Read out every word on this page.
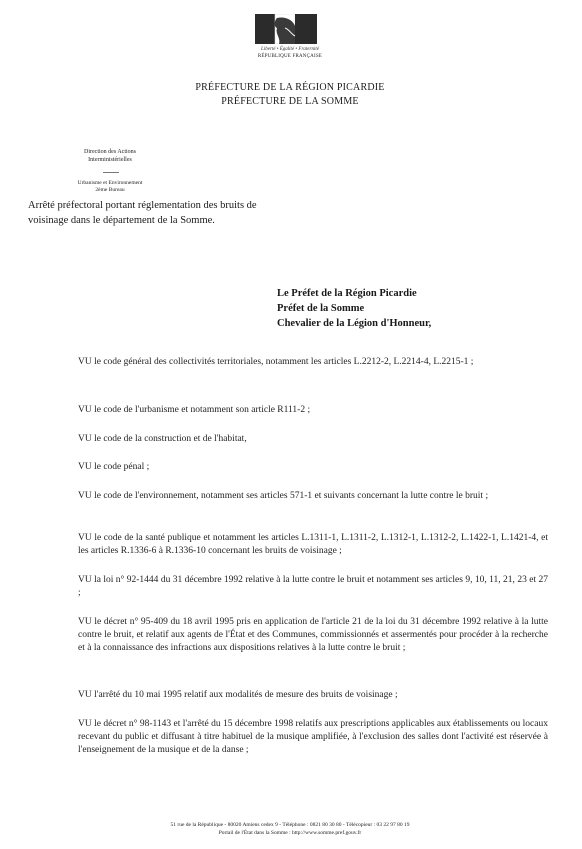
Liberté • Égalité • Fraternité
RÉPUBLIQUE FRANÇAISE
PRÉFECTURE DE LA RÉGION PICARDIE
PRÉFECTURE DE LA SOMME
Direction des Actions
Interministérielles
Urbanisme et Environnement
2ème Bureau
Arrêté préfectoral portant réglementation des bruits de voisinage dans le département de la Somme.
Le Préfet de la Région Picardie
Préfet de la Somme
Chevalier de la Légion d'Honneur,
VU le code général des collectivités territoriales, notamment les articles L.2212-2, L.2214-4, L.2215-1 ;
VU le code de l'urbanisme et notamment son article R111-2 ;
VU le code de la construction et de l'habitat,
VU le code pénal ;
VU le code de l'environnement, notamment ses articles 571-1 et suivants concernant la lutte contre le bruit ;
VU le code de la santé publique et notamment les articles L.1311-1, L.1311-2, L.1312-1, L.1312-2, L.1422-1, L.1421-4, et les articles R.1336-6 à R.1336-10 concernant les bruits de voisinage ;
VU la loi n° 92-1444 du 31 décembre 1992 relative à la lutte contre le bruit et notamment ses articles 9, 10, 11, 21, 23 et 27 ;
VU le décret n° 95-409 du 18 avril 1995 pris en application de l'article 21 de la loi du 31 décembre 1992 relative à la lutte contre le bruit, et relatif aux agents de l'État et des Communes, commissionnés et assermentés pour procéder à la recherche et à la connaissance des infractions aux dispositions relatives à la lutte contre le bruit ;
VU l'arrêté du 10 mai 1995 relatif aux modalités de mesure des bruits de voisinage ;
VU le décret n° 98-1143 et l'arrêté du 15 décembre 1998 relatifs aux prescriptions applicables aux établissements ou locaux recevant du public et diffusant à titre habituel de la musique amplifiée, à l'exclusion des salles dont l'activité est réservée à l'enseignement de la musique et de la danse ;
51 rue de la République - 80020 Amiens cedex 9 - Téléphone : 0821 80 30 80 - Télécopieur : 03 22 97 80 19
Portail de l'État dans la Somme : http://www.somme.pref.gouv.fr
